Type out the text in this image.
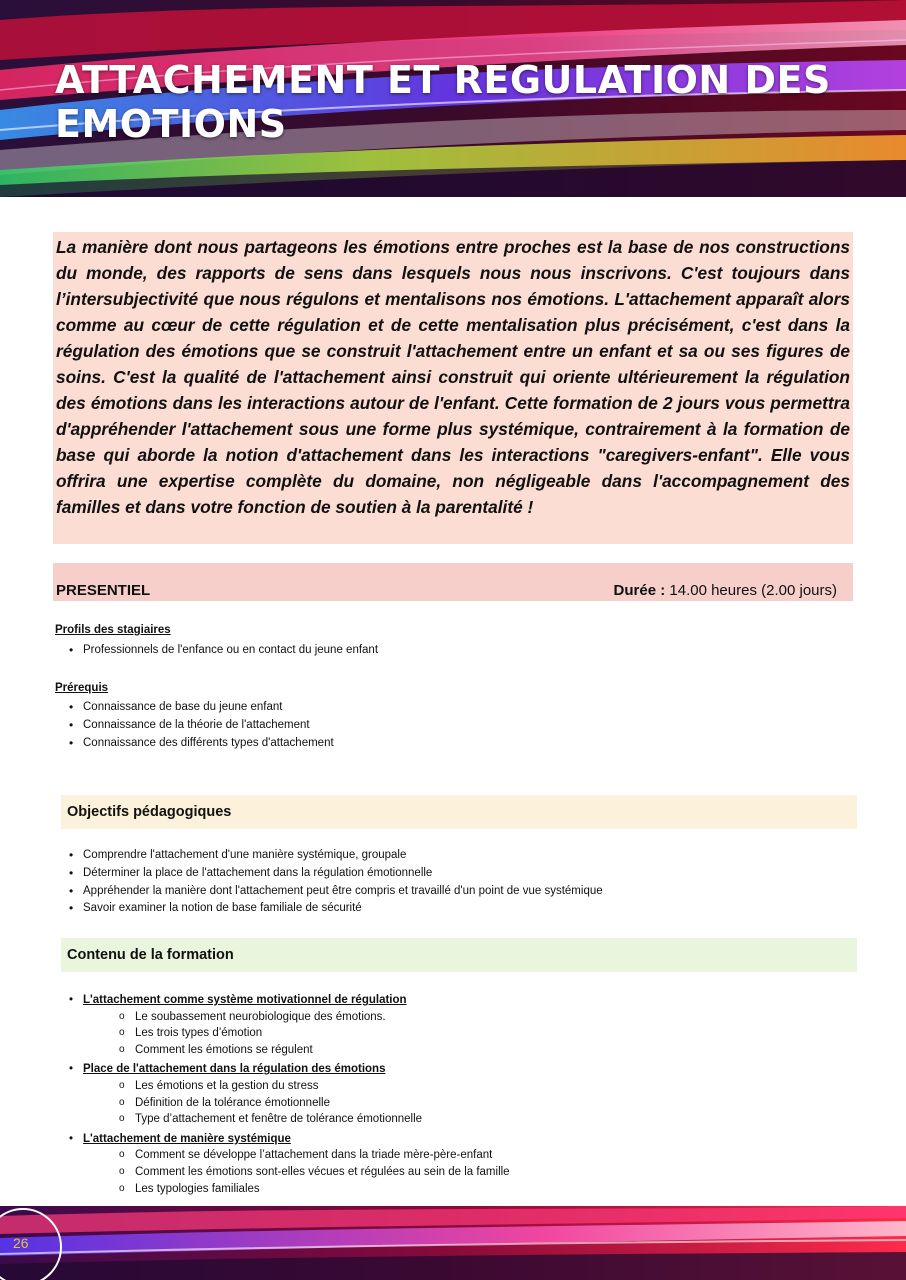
ATTACHEMENT ET REGULATION DES EMOTIONS
La manière dont nous partageons les émotions entre proches est la base de nos constructions du monde, des rapports de sens dans lesquels nous nous inscrivons. C'est toujours dans l’intersubjectivité que nous régulons et mentalisons nos émotions. L'attachement apparaît alors comme au cœur de cette régulation et de cette mentalisation plus précisément, c'est dans la régulation des émotions que se construit l'attachement entre un enfant et sa ou ses figures de soins. C'est la qualité de l'attachement ainsi construit qui oriente ultérieurement la régulation des émotions dans les interactions autour de l'enfant. Cette formation de 2 jours vous permettra d'appréhender l'attachement sous une forme plus systémique, contrairement à la formation de base qui aborde la notion d'attachement dans les interactions "caregivers-enfant". Elle vous offrira une expertise complète du domaine, non négligeable dans l'accompagnement des familles et dans votre fonction de soutien à la parentalité !
PRESENTIEL	Durée : 14.00 heures (2.00 jours)
Profils des stagiaires
• Professionnels de l'enfance ou en contact du jeune enfant
Prérequis
• Connaissance de base du jeune enfant
• Connaissance de la théorie de l'attachement
• Connaissance des différents types d'attachement
Objectifs pédagogiques
• Comprendre l'attachement d'une manière systémique, groupale
• Déterminer la place de l'attachement dans la régulation émotionnelle
• Appréhender la manière dont l'attachement peut être compris et travaillé d'un point de vue systémique
• Savoir examiner la notion de base familiale de sécurité
Contenu de la formation
• L'attachement comme système motivationnel de régulation
o Le soubassement neurobiologique des émotions.
o Les trois types d’émotion
o Comment les émotions se régulent
• Place de l'attachement dans la régulation des émotions
o Les émotions et la gestion du stress
o Définition de la tolérance émotionnelle
o Type d’attachement et fenêtre de tolérance émotionnelle
• L'attachement de manière systémique
o Comment se développe l’attachement dans la triade mère-père-enfant
o Comment les émotions sont-elles vécues et régulées au sein de la famille
o Les typologies familiales
26
